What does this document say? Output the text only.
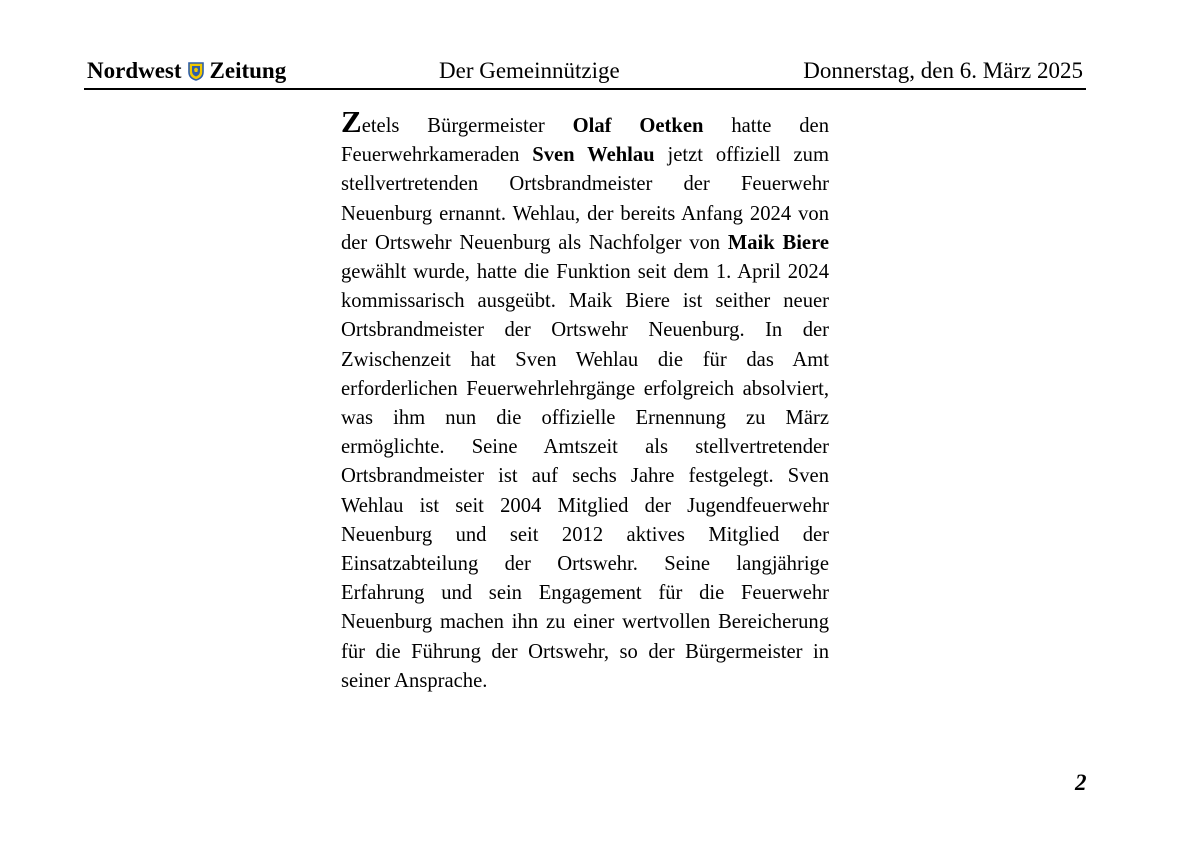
Nordwest Zeitung	Der Gemeinnützige	Donnerstag, den 6. März 2025
Zetels Bürgermeister Olaf Oetken hatte den Feuerwehrkameraden Sven Wehlau jetzt offiziell zum stellvertretenden Ortsbrandmeister der Feuerwehr Neuenburg ernannt. Wehlau, der bereits Anfang 2024 von der Ortswehr Neuenburg als Nachfolger von Maik Biere gewählt wurde, hatte die Funktion seit dem 1. April 2024 kommissarisch ausgeübt. Maik Biere ist seither neuer Ortsbrandmeister der Ortswehr Neuenburg. In der Zwischenzeit hat Sven Wehlau die für das Amt erforderlichen Feuerwehrlehrgänge erfolgreich absolviert, was ihm nun die offizielle Ernennung zu März ermöglichte. Seine Amtszeit als stellvertretender Ortsbrandmeister ist auf sechs Jahre festgelegt. Sven Wehlau ist seit 2004 Mitglied der Jugendfeuerwehr Neuenburg und seit 2012 aktives Mitglied der Einsatzabteilung der Ortswehr. Seine langjährige Erfahrung und sein Engagement für die Feuerwehr Neuenburg machen ihn zu einer wertvollen Bereicherung für die Führung der Ortswehr, so der Bürgermeister in seiner Ansprache.
2
